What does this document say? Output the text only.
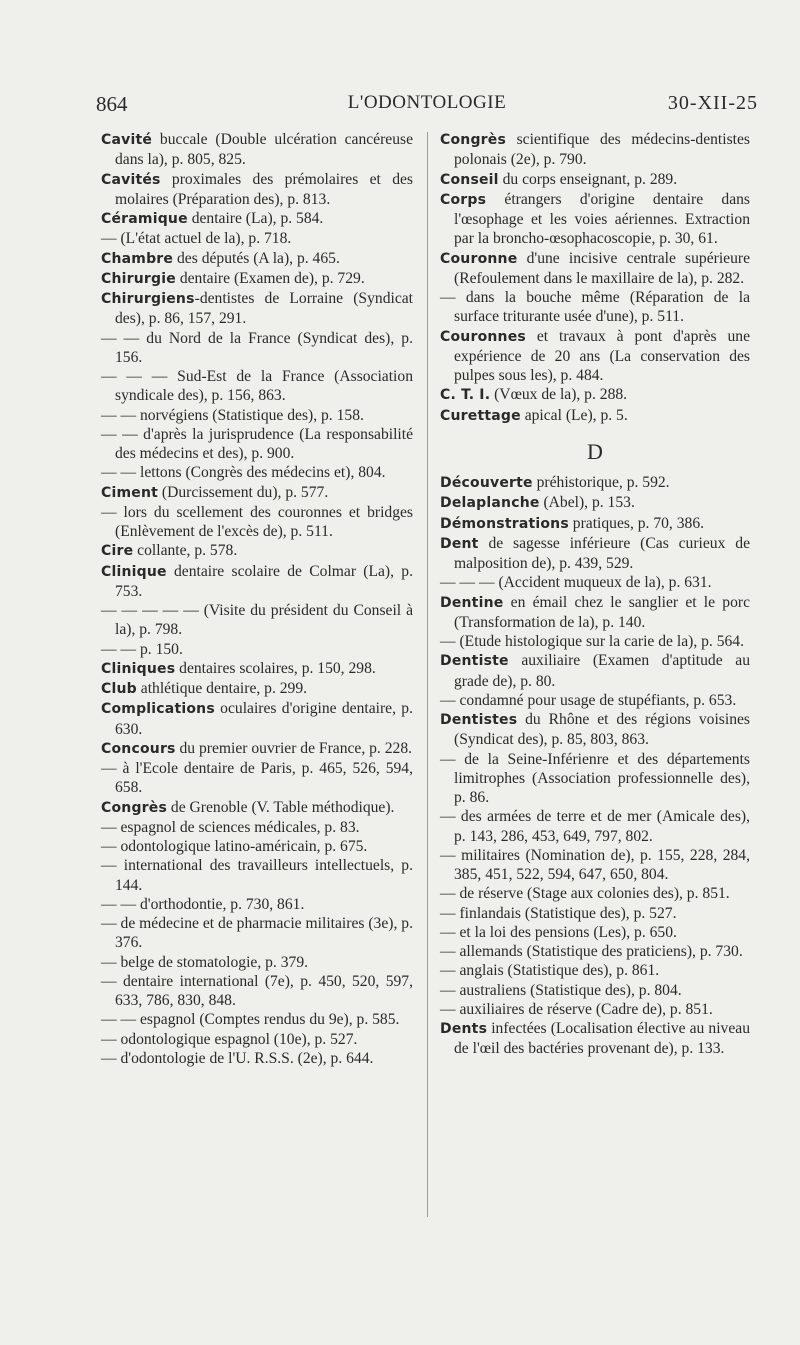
864	L'ODONTOLOGIE	30-XII-25

Cavité buccale (Double ulcération cancéreuse dans la), p. 805, 825.

Cavités proximales des prémolaires et des molaires (Préparation des), p. 813.

Céramique dentaire (La), p. 584.

— (L'état actuel de la), p. 718.

Chambre des députés (A la), p. 465.

Chirurgie dentaire (Examen de), p. 729.

Chirurgiens-dentistes de Lorraine (Syndicat des), p. 86, 157, 291.

— — du Nord de la France (Syndicat des), p. 156.

— — — Sud-Est de la France (Association syndicale des), p. 156, 863.

— — norvégiens (Statistique des), p. 158.

— — d'après la jurisprudence (La responsabilité des médecins et des), p. 900.

— — lettons (Congrès des médecins et), 804.

Ciment (Durcissement du), p. 577.

— lors du scellement des couronnes et bridges (Enlèvement de l'excès de), p. 511.

Cire collante, p. 578.

Clinique dentaire scolaire de Colmar (La), p. 753.

— — — — — (Visite du président du Conseil à la), p. 798.

— — p. 150.

Cliniques dentaires scolaires, p. 150, 298.

Club athlétique dentaire, p. 299.

Complications oculaires d'origine dentaire, p. 630.

Concours du premier ouvrier de France, p. 228.

— à l'Ecole dentaire de Paris, p. 465, 526, 594, 658.

Congrès de Grenoble (V. Table méthodique).

— espagnol de sciences médicales, p. 83.

— odontologique latino-américain, p. 675.

— international des travailleurs intellectuels, p. 144.

— — d'orthodontie, p. 730, 861.

— de médecine et de pharmacie militaires (3e), p. 376.

— belge de stomatologie, p. 379.

— dentaire international (7e), p. 450, 520, 597, 633, 786, 830, 848.

— — espagnol (Comptes rendus du 9e), p. 585.

— odontologique espagnol (10e), p. 527.

— d'odontologie de l'U. R.S.S. (2e), p. 644.

Congrès scientifique des médecins-dentistes polonais (2e), p. 790.

Conseil du corps enseignant, p. 289.

Corps étrangers d'origine dentaire dans l'œsophage et les voies aériennes. Extraction par la broncho-œsophacoscopie, p. 30, 61.

Couronne d'une incisive centrale supérieure (Refoulement dans le maxillaire de la), p. 282.

— dans la bouche même (Réparation de la surface triturante usée d'une), p. 511.

Couronnes et travaux à pont d'après une expérience de 20 ans (La conservation des pulpes sous les), p. 484.

C. T. I. (Vœux de la), p. 288.

Curettage apical (Le), p. 5.

D

Découverte préhistorique, p. 592.

Delaplanche (Abel), p. 153.

Démonstrations pratiques, p. 70, 386.

Dent de sagesse inférieure (Cas curieux de malposition de), p. 439, 529.

— — — (Accident muqueux de la), p. 631.

Dentine en émail chez le sanglier et le porc (Transformation de la), p. 140.

— (Etude histologique sur la carie de la), p. 564.

Dentiste auxiliaire (Examen d'aptitude au grade de), p. 80.

— condamné pour usage de stupéfiants, p. 653.

Dentistes du Rhône et des régions voisines (Syndicat des), p. 85, 803, 863.

— de la Seine-Inférienre et des départements limitrophes (Association professionnelle des), p. 86.

— des armées de terre et de mer (Amicale des), p. 143, 286, 453, 649, 797, 802.

— militaires (Nomination de), p. 155, 228, 284, 385, 451, 522, 594, 647, 650, 804.

— de réserve (Stage aux colonies des), p. 851.

— finlandais (Statistique des), p. 527.

— et la loi des pensions (Les), p. 650.

— allemands (Statistique des praticiens), p. 730.

— anglais (Statistique des), p. 861.

— australiens (Statistique des), p. 804.

— auxiliaires de réserve (Cadre de), p. 851.

Dents infectées (Localisation élective au niveau de l'œil des bactéries provenant de), p. 133.
